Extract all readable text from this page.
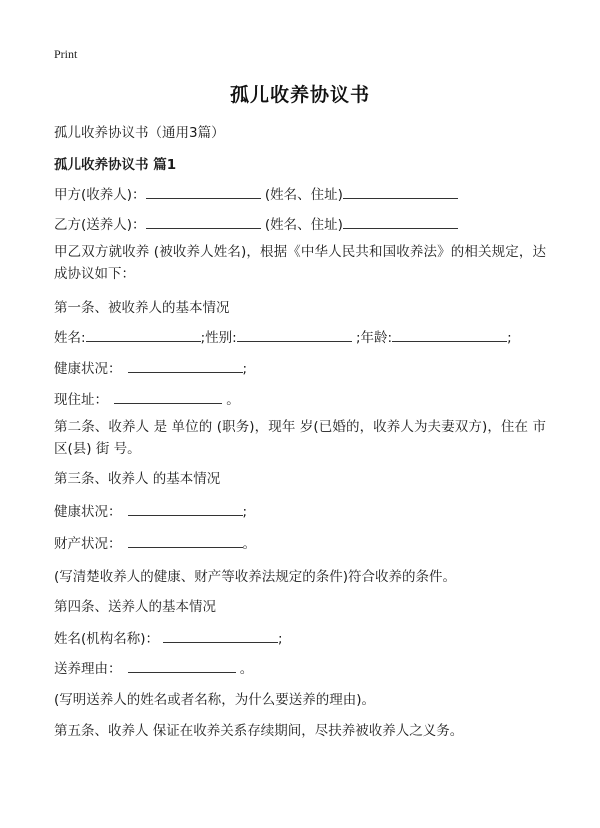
Print
孤儿收养协议书
孤儿收养协议书（通用3篇）
孤儿收养协议书 篇1
甲方(收养人)：	(姓名、住址)
乙方(送养人)：	(姓名、住址)
甲乙双方就收养 (被收养人姓名)，根据《中华人民共和国收养法》的相关规定，达成协议如下：
第一条、被收养人的基本情况
姓名:	;性别:	;年龄:	;
健康状况：	;
现住址：	。
第二条、收养人 是 单位的 (职务)，现年 岁(已婚的，收养人为夫妻双方)，住在 市区(县) 街 号。
第三条、收养人 的基本情况
健康状况：	;
财产状况：	。
(写清楚收养人的健康、财产等收养法规定的条件)符合收养的条件。
第四条、送养人的基本情况
姓名(机构名称)：	;
送养理由：	。
(写明送养人的姓名或者名称，为什么要送养的理由)。
第五条、收养人 保证在收养关系存续期间，尽扶养被收养人之义务。
